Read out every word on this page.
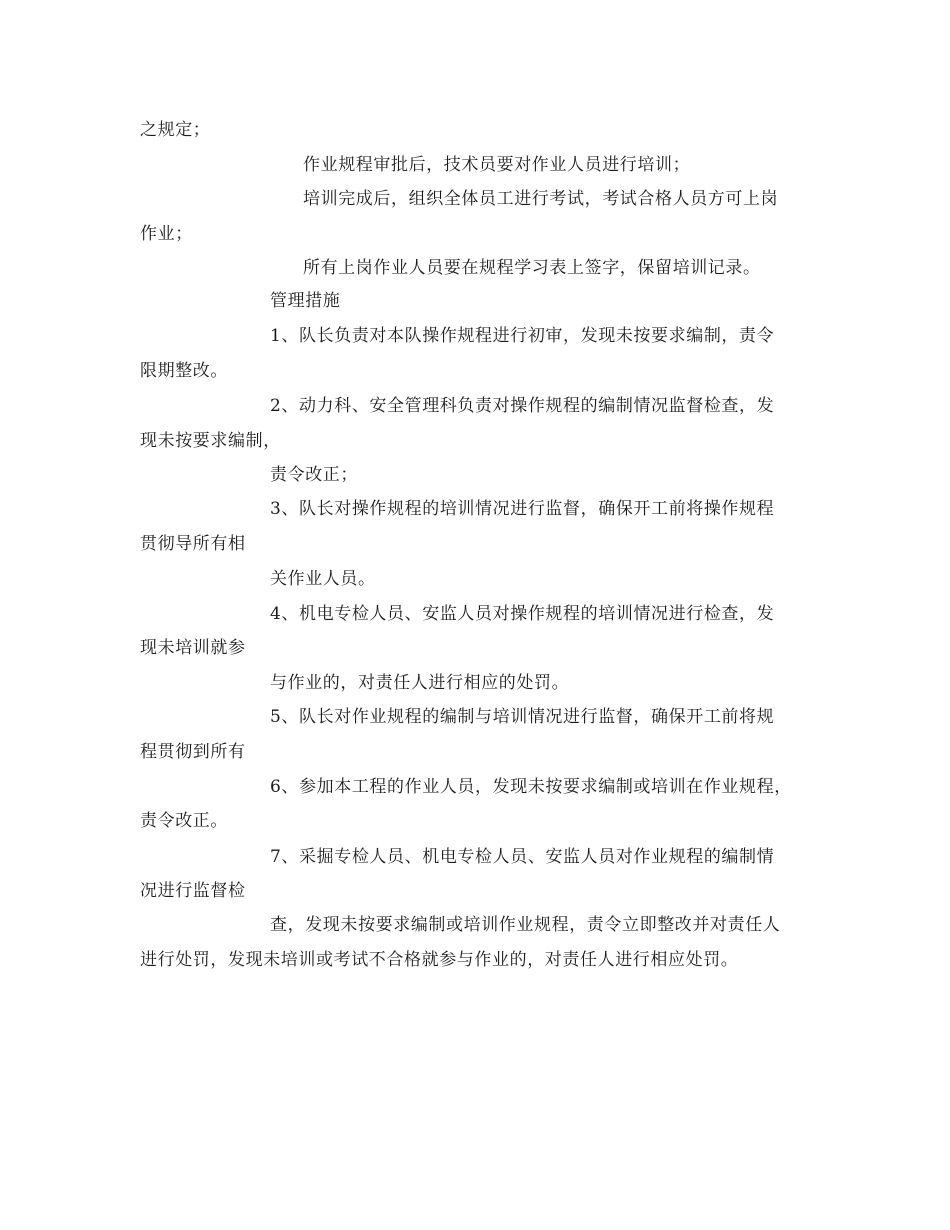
之规定；
作业规程审批后，技术员要对作业人员进行培训；
培训完成后，组织全体员工进行考试，考试合格人员方可上岗
作业；
所有上岗作业人员要在规程学习表上签字，保留培训记录。
管理措施
1、队长负责对本队操作规程进行初审，发现未按要求编制，责令
限期整改。
2、动力科、安全管理科负责对操作规程的编制情况监督检查，发
现未按要求编制，
责令改正；
3、队长对操作规程的培训情况进行监督，确保开工前将操作规程
贯彻导所有相
关作业人员。
4、机电专检人员、安监人员对操作规程的培训情况进行检查，发
现未培训就参
与作业的，对责任人进行相应的处罚。
5、队长对作业规程的编制与培训情况进行监督，确保开工前将规
程贯彻到所有
6、参加本工程的作业人员，发现未按要求编制或培训在作业规程，
责令改正。
7、采掘专检人员、机电专检人员、安监人员对作业规程的编制情
况进行监督检
查，发现未按要求编制或培训作业规程，责令立即整改并对责任人
进行处罚，发现未培训或考试不合格就参与作业的，对责任人进行相应处罚。
